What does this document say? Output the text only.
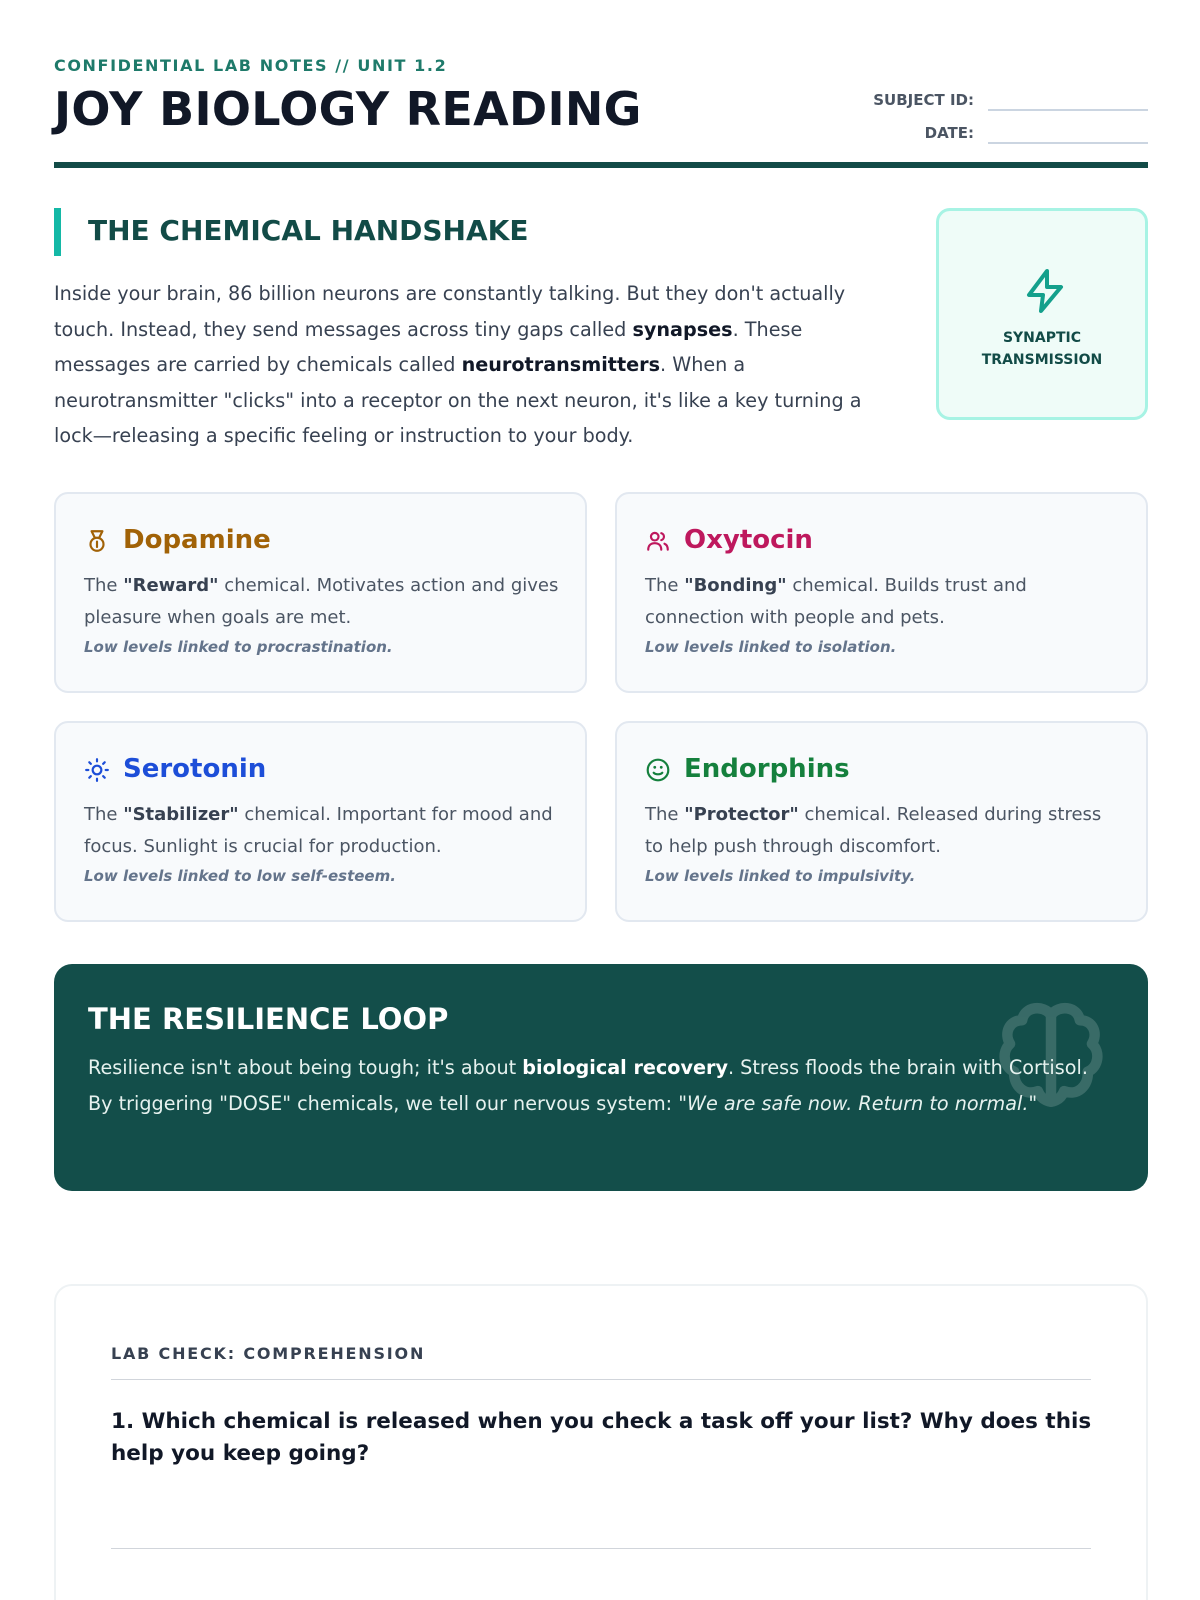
CONFIDENTIAL LAB NOTES // UNIT 1.2
JOY BIOLOGY READING	SUBJECT ID:
DATE:
THE CHEMICAL HANDSHAKE

Inside your brain, 86 billion neurons are constantly talking. But they don't actually touch. Instead, they send messages across tiny gaps called synapses. These messages are carried by chemicals called neurotransmitters. When a neurotransmitter "clicks" into a receptor on the next neuron, it's like a key turning a lock—releasing a specific feeling or instruction to your body.

SYNAPTIC
TRANSMISSION
Dopamine
The "Reward" chemical. Motivates action and gives pleasure when goals are met.
Low levels linked to procrastination.
Oxytocin
The "Bonding" chemical. Builds trust and connection with people and pets.
Low levels linked to isolation.
Serotonin
The "Stabilizer" chemical. Important for mood and focus. Sunlight is crucial for production.
Low levels linked to low self-esteem.
Endorphins
The "Protector" chemical. Released during stress to help push through discomfort.
Low levels linked to impulsivity.
THE RESILIENCE LOOP

Resilience isn't about being tough; it's about biological recovery. Stress floods the brain with Cortisol. By triggering "DOSE" chemicals, we tell our nervous system: "We are safe now. Return to normal."

LAB CHECK: COMPREHENSION
1. Which chemical is released when you check a task off your list? Why does this help you keep going?
